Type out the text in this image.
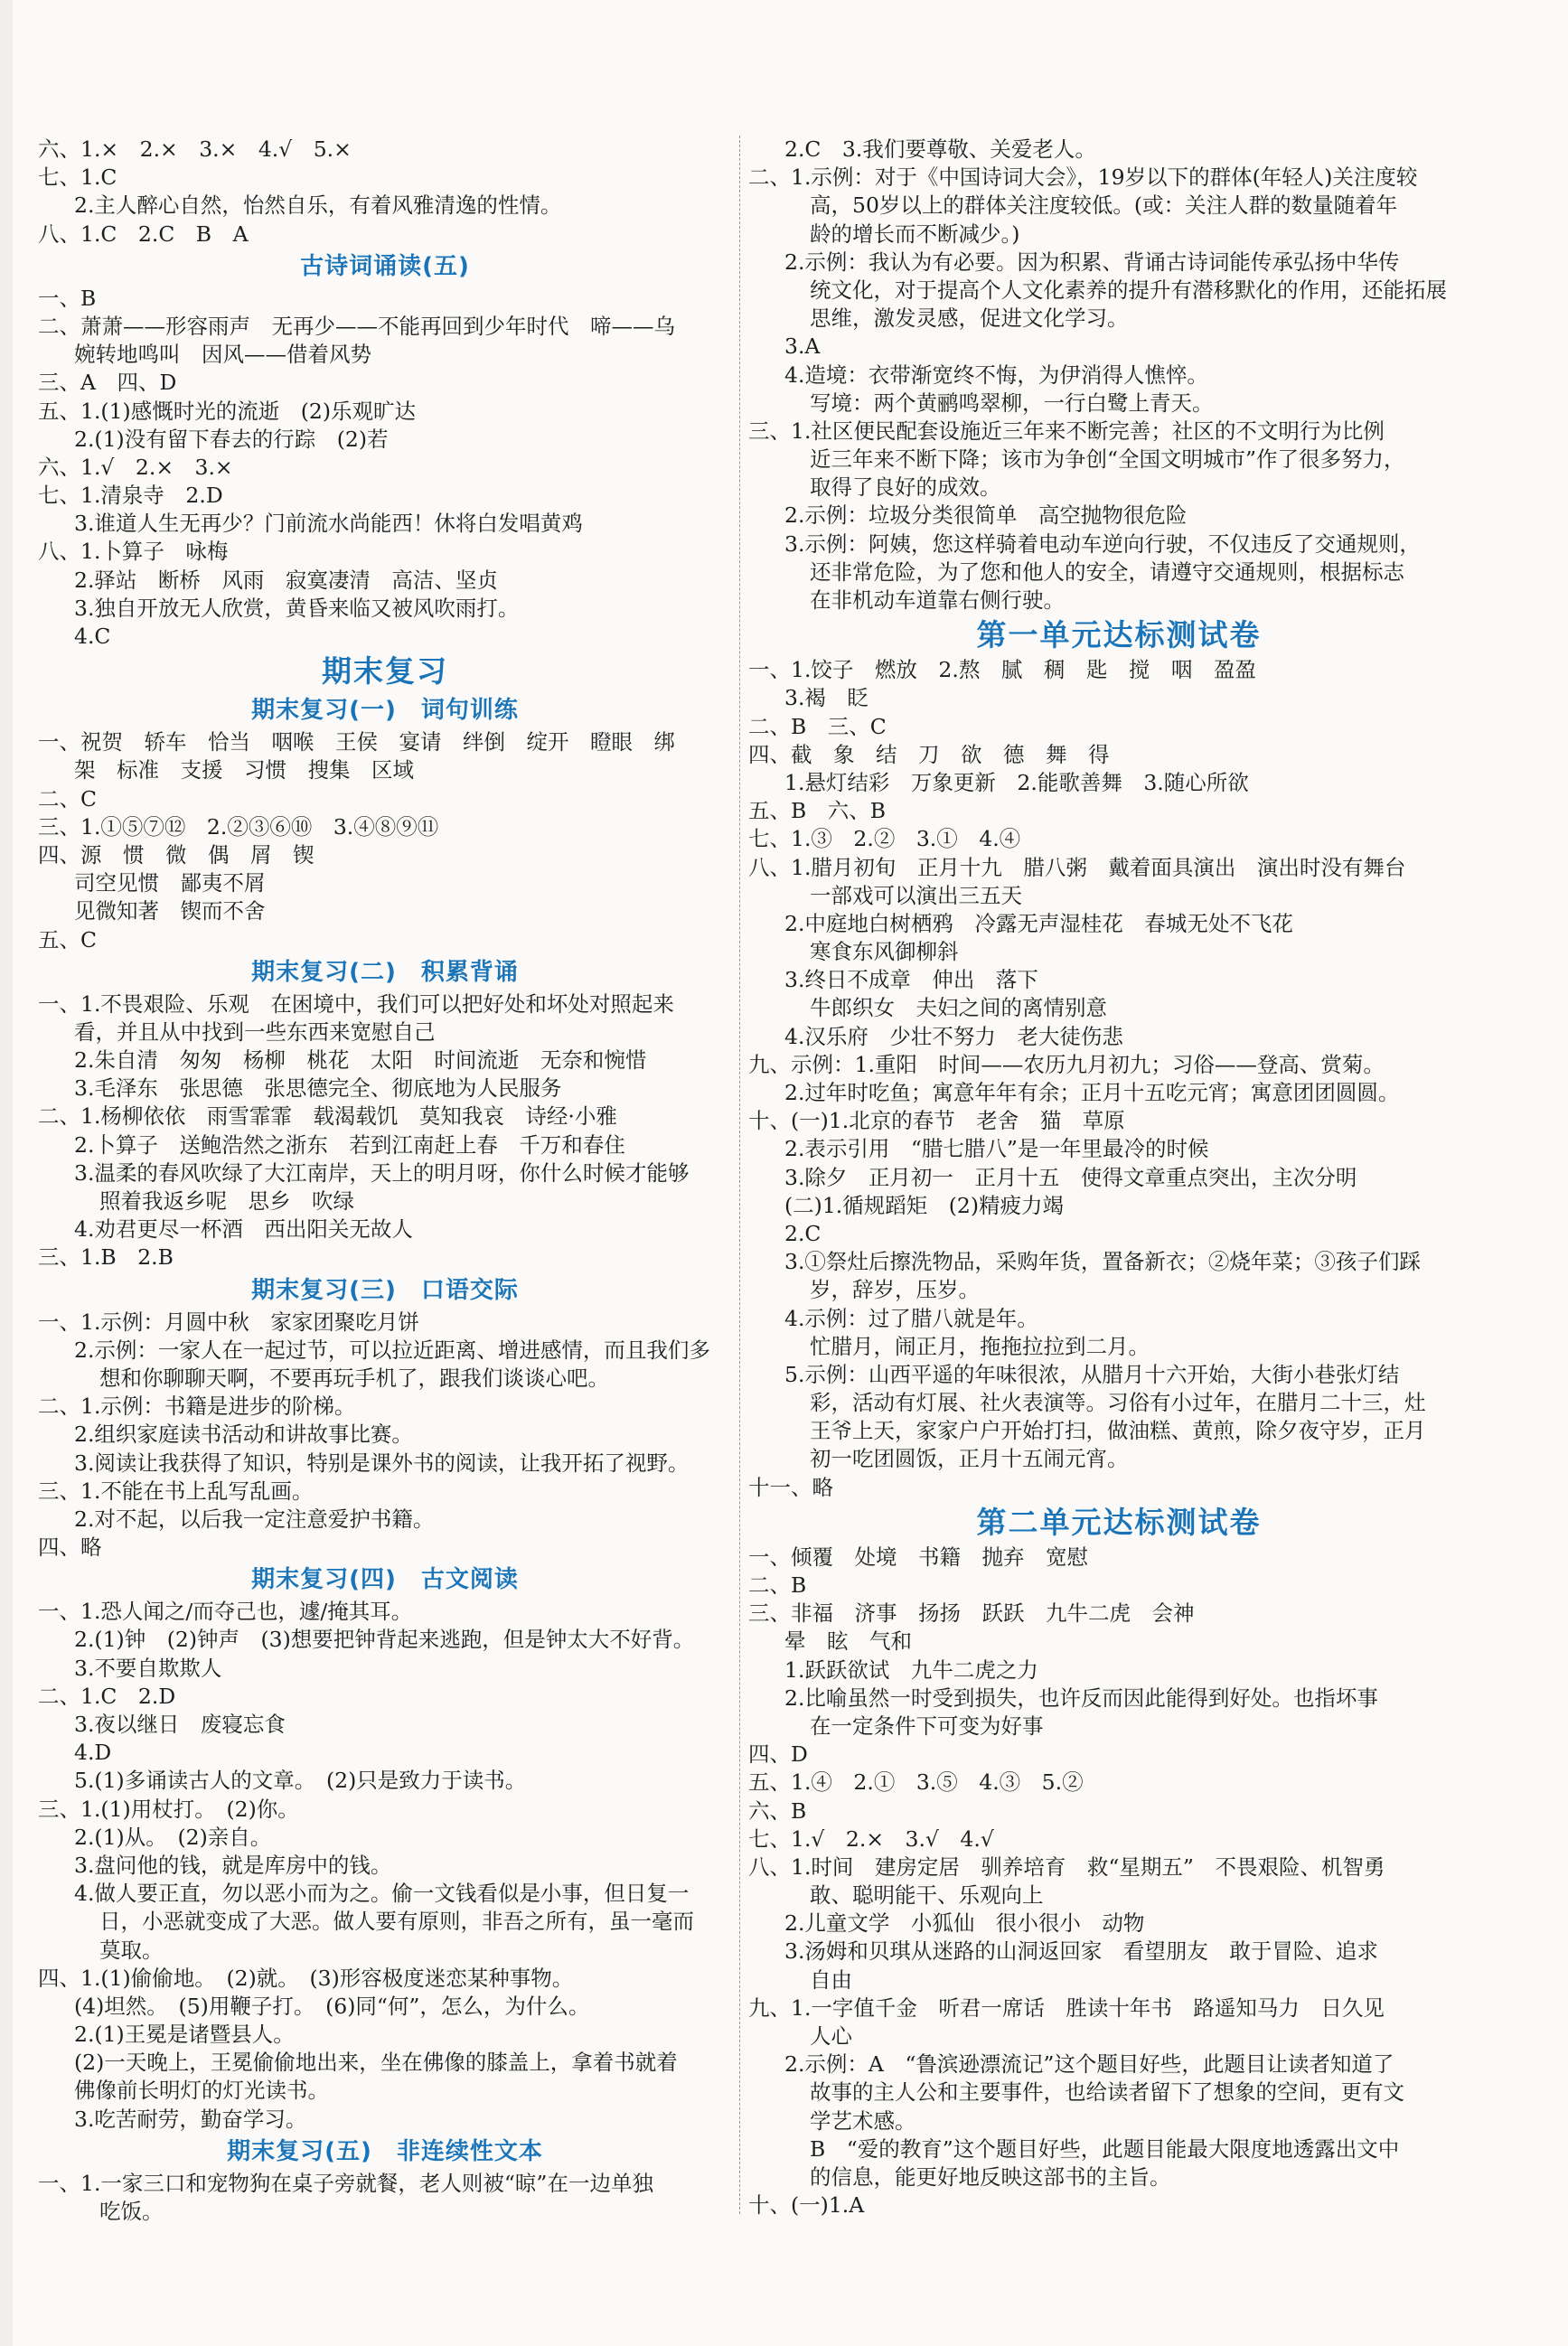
六、1.×　2.×　3.×　4.√　5.×
七、1.C
2.主人醉心自然，怡然自乐，有着风雅清逸的性情。
八、1.C　2.C　B　A
古诗词诵读(五)
一、B
二、萧萧——形容雨声　无再少——不能再回到少年时代　啼——乌
婉转地鸣叫　因风——借着风势
三、A　四、D
五、1.(1)感慨时光的流逝　(2)乐观旷达
2.(1)没有留下春去的行踪　(2)若
六、1.√　2.×　3.×
七、1.清泉寺　2.D
3.谁道人生无再少？门前流水尚能西！休将白发唱黄鸡
八、1.卜算子　咏梅
2.驿站　断桥　风雨　寂寞凄清　高洁、坚贞
3.独自开放无人欣赏，黄昏来临又被风吹雨打。
4.C
期末复习
期末复习(一)　词句训练
一、祝贺　轿车　恰当　咽喉　王侯　宴请　绊倒　绽开　瞪眼　绑
架　标准　支援　习惯　搜集　区域
二、C
三、1.①⑤⑦⑫　2.②③⑥⑩　3.④⑧⑨⑪
四、源　惯　微　偶　屑　锲
司空见惯　鄙夷不屑
见微知著　锲而不舍
五、C
期末复习(二)　积累背诵
一、1.不畏艰险、乐观　在困境中，我们可以把好处和坏处对照起来
看，并且从中找到一些东西来宽慰自己
2.朱自清　匆匆　杨柳　桃花　太阳　时间流逝　无奈和惋惜
3.毛泽东　张思德　张思德完全、彻底地为人民服务
二、1.杨柳依依　雨雪霏霏　载渴载饥　莫知我哀　诗经·小雅
2.卜算子　送鲍浩然之浙东　若到江南赶上春　千万和春住
3.温柔的春风吹绿了大江南岸，天上的明月呀，你什么时候才能够
照着我返乡呢　思乡　吹绿
4.劝君更尽一杯酒　西出阳关无故人
三、1.B　2.B
期末复习(三)　口语交际
一、1.示例：月圆中秋　家家团聚吃月饼
2.示例：一家人在一起过节，可以拉近距离、增进感情，而且我们多
想和你聊聊天啊，不要再玩手机了，跟我们谈谈心吧。
二、1.示例：书籍是进步的阶梯。
2.组织家庭读书活动和讲故事比赛。
3.阅读让我获得了知识，特别是课外书的阅读，让我开拓了视野。
三、1.不能在书上乱写乱画。
2.对不起，以后我一定注意爱护书籍。
四、略
期末复习(四)　古文阅读
一、1.恐人闻之/而夺己也，遽/掩其耳。
2.(1)钟　(2)钟声　(3)想要把钟背起来逃跑，但是钟太大不好背。
3.不要自欺欺人
二、1.C　2.D
3.夜以继日　废寝忘食
4.D
5.(1)多诵读古人的文章。　(2)只是致力于读书。
三、1.(1)用杖打。　(2)你。
2.(1)从。　(2)亲自。
3.盘问他的钱，就是库房中的钱。
4.做人要正直，勿以恶小而为之。偷一文钱看似是小事，但日复一
日，小恶就变成了大恶。做人要有原则，非吾之所有，虽一毫而
莫取。
四、1.(1)偷偷地。　(2)就。　(3)形容极度迷恋某种事物。
(4)坦然。　(5)用鞭子打。　(6)同“何”，怎么，为什么。
2.(1)王冕是诸暨县人。
(2)一天晚上，王冕偷偷地出来，坐在佛像的膝盖上，拿着书就着
佛像前长明灯的灯光读书。
3.吃苦耐劳，勤奋学习。
期末复习(五)　非连续性文本
一、1.一家三口和宠物狗在桌子旁就餐，老人则被“晾”在一边单独
吃饭。
2.C　3.我们要尊敬、关爱老人。
二、1.示例：对于《中国诗词大会》，19岁以下的群体(年轻人)关注度较
高，50岁以上的群体关注度较低。(或：关注人群的数量随着年
龄的增长而不断减少。)
2.示例：我认为有必要。因为积累、背诵古诗词能传承弘扬中华传
统文化，对于提高个人文化素养的提升有潜移默化的作用，还能拓展
思维，激发灵感，促进文化学习。
3.A
4.造境：衣带渐宽终不悔，为伊消得人憔悴。
写境：两个黄鹂鸣翠柳，一行白鹭上青天。
三、1.社区便民配套设施近三年来不断完善；社区的不文明行为比例
近三年来不断下降；该市为争创“全国文明城市”作了很多努力，
取得了良好的成效。
2.示例：垃圾分类很简单　高空抛物很危险
3.示例：阿姨，您这样骑着电动车逆向行驶，不仅违反了交通规则，
还非常危险，为了您和他人的安全，请遵守交通规则，根据标志
在非机动车道靠右侧行驶。
第一单元达标测试卷
一、1.饺子　燃放　2.熬　腻　稠　匙　搅　咽　盈盈
3.褐　眨
二、B　三、C
四、截　象　结　刀　欲　德　舞　得
1.悬灯结彩　万象更新　2.能歌善舞　3.随心所欲
五、B　六、B
七、1.③　2.②　3.①　4.④
八、1.腊月初旬　正月十九　腊八粥　戴着面具演出　演出时没有舞台
一部戏可以演出三五天
2.中庭地白树栖鸦　冷露无声湿桂花　春城无处不飞花
寒食东风御柳斜
3.终日不成章　伸出　落下
牛郎织女　夫妇之间的离情别意
4.汉乐府　少壮不努力　老大徒伤悲
九、示例：1.重阳　时间——农历九月初九；习俗——登高、赏菊。
2.过年时吃鱼；寓意年年有余；正月十五吃元宵；寓意团团圆圆。
十、(一)1.北京的春节　老舍　猫　草原
2.表示引用　“腊七腊八”是一年里最冷的时候
3.除夕　正月初一　正月十五　使得文章重点突出，主次分明
(二)1.循规蹈矩　(2)精疲力竭
2.C
3.①祭灶后擦洗物品，采购年货，置备新衣；②烧年菜；③孩子们踩
岁，辞岁，压岁。
4.示例：过了腊八就是年。
忙腊月，闹正月，拖拖拉拉到二月。
5.示例：山西平遥的年味很浓，从腊月十六开始，大街小巷张灯结
彩，活动有灯展、社火表演等。习俗有小过年，在腊月二十三，灶
王爷上天，家家户户开始打扫，做油糕、黄煎，除夕夜守岁，正月
初一吃团圆饭，正月十五闹元宵。
十一、略
第二单元达标测试卷
一、倾覆　处境　书籍　抛弃　宽慰
二、B
三、非福　济事　扬扬　跃跃　九牛二虎　会神
晕　眩　气和
1.跃跃欲试　九牛二虎之力
2.比喻虽然一时受到损失，也许反而因此能得到好处。也指坏事
在一定条件下可变为好事
四、D
五、1.④　2.①　3.⑤　4.③　5.②
六、B
七、1.√　2.×　3.√　4.√
八、1.时间　建房定居　驯养培育　救“星期五”　不畏艰险、机智勇
敢、聪明能干、乐观向上
2.儿童文学　小狐仙　很小很小　动物
3.汤姆和贝琪从迷路的山洞返回家　看望朋友　敢于冒险、追求
自由
九、1.一字值千金　听君一席话　胜读十年书　路遥知马力　日久见
人心
2.示例：A　“鲁滨逊漂流记”这个题目好些，此题目让读者知道了
故事的主人公和主要事件，也给读者留下了想象的空间，更有文
学艺术感。
B　“爱的教育”这个题目好些，此题目能最大限度地透露出文中
的信息，能更好地反映这部书的主旨。
十、(一)1.A
